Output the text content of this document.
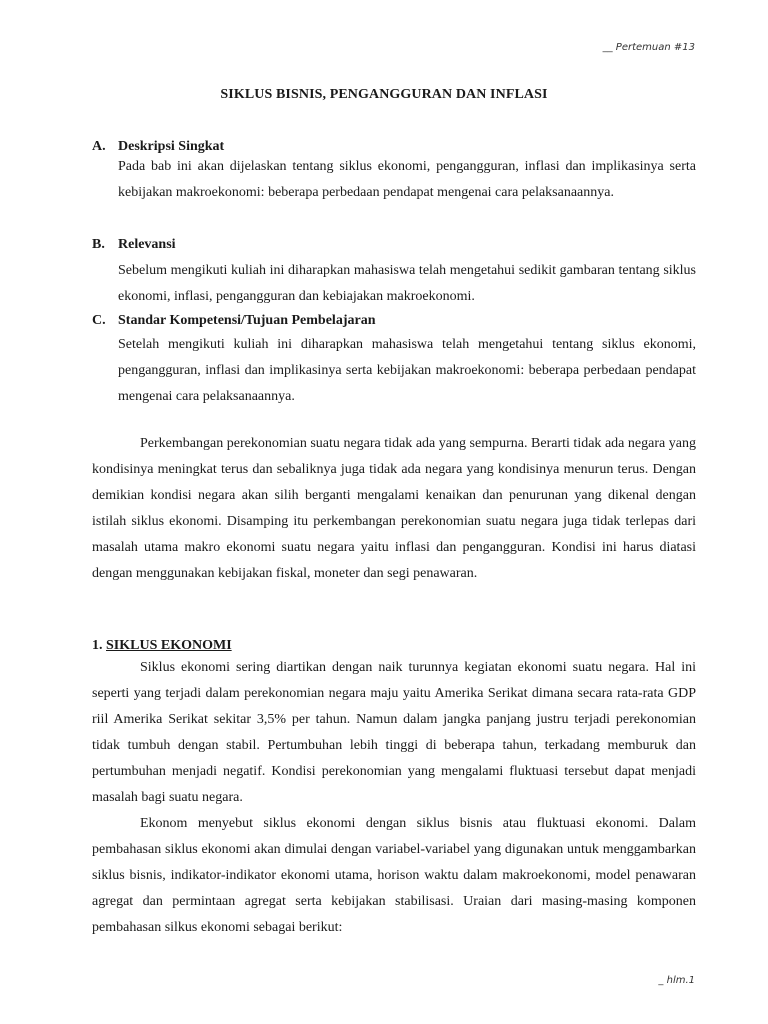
__ Pertemuan #13
SIKLUS BISNIS, PENGANGGURAN DAN INFLASI
A. Deskripsi Singkat

Pada bab ini akan dijelaskan tentang siklus ekonomi, pengangguran, inflasi dan implikasinya serta kebijakan makroekonomi: beberapa perbedaan pendapat mengenai cara pelaksanaannya.

B. Relevansi

Sebelum mengikuti kuliah ini diharapkan mahasiswa telah mengetahui sedikit gambaran tentang siklus ekonomi, inflasi, pengangguran dan kebiajakan makroekonomi.

C. Standar Kompetensi/Tujuan Pembelajaran

Setelah mengikuti kuliah ini diharapkan mahasiswa telah mengetahui tentang siklus ekonomi, pengangguran, inflasi dan implikasinya serta kebijakan makroekonomi: beberapa perbedaan pendapat mengenai cara pelaksanaannya.

Perkembangan perekonomian suatu negara tidak ada yang sempurna. Berarti tidak ada negara yang kondisinya meningkat terus dan sebaliknya juga tidak ada negara yang kondisinya menurun terus. Dengan demikian kondisi negara akan silih berganti mengalami kenaikan dan penurunan yang dikenal dengan istilah siklus ekonomi. Disamping itu perkembangan perekonomian suatu negara juga tidak terlepas dari masalah utama makro ekonomi suatu negara yaitu inflasi dan pengangguran. Kondisi ini harus diatasi dengan menggunakan kebijakan fiskal, moneter dan segi penawaran.

1. SIKLUS EKONOMI

Siklus ekonomi sering diartikan dengan naik turunnya kegiatan ekonomi suatu negara. Hal ini seperti yang terjadi dalam perekonomian negara maju yaitu Amerika Serikat dimana secara rata-rata GDP riil Amerika Serikat sekitar 3,5% per tahun. Namun dalam jangka panjang justru terjadi perekonomian tidak tumbuh dengan stabil. Pertumbuhan lebih tinggi di beberapa tahun, terkadang memburuk dan pertumbuhan menjadi negatif. Kondisi perekonomian yang mengalami fluktuasi tersebut dapat menjadi masalah bagi suatu negara.

Ekonom menyebut siklus ekonomi dengan siklus bisnis atau fluktuasi ekonomi. Dalam pembahasan siklus ekonomi akan dimulai dengan variabel-variabel yang digunakan untuk menggambarkan siklus bisnis, indikator-indikator ekonomi utama, horison waktu dalam makroekonomi, model penawaran agregat dan permintaan agregat serta kebijakan stabilisasi. Uraian dari masing-masing komponen pembahasan silkus ekonomi sebagai berikut:

_ hlm.1
